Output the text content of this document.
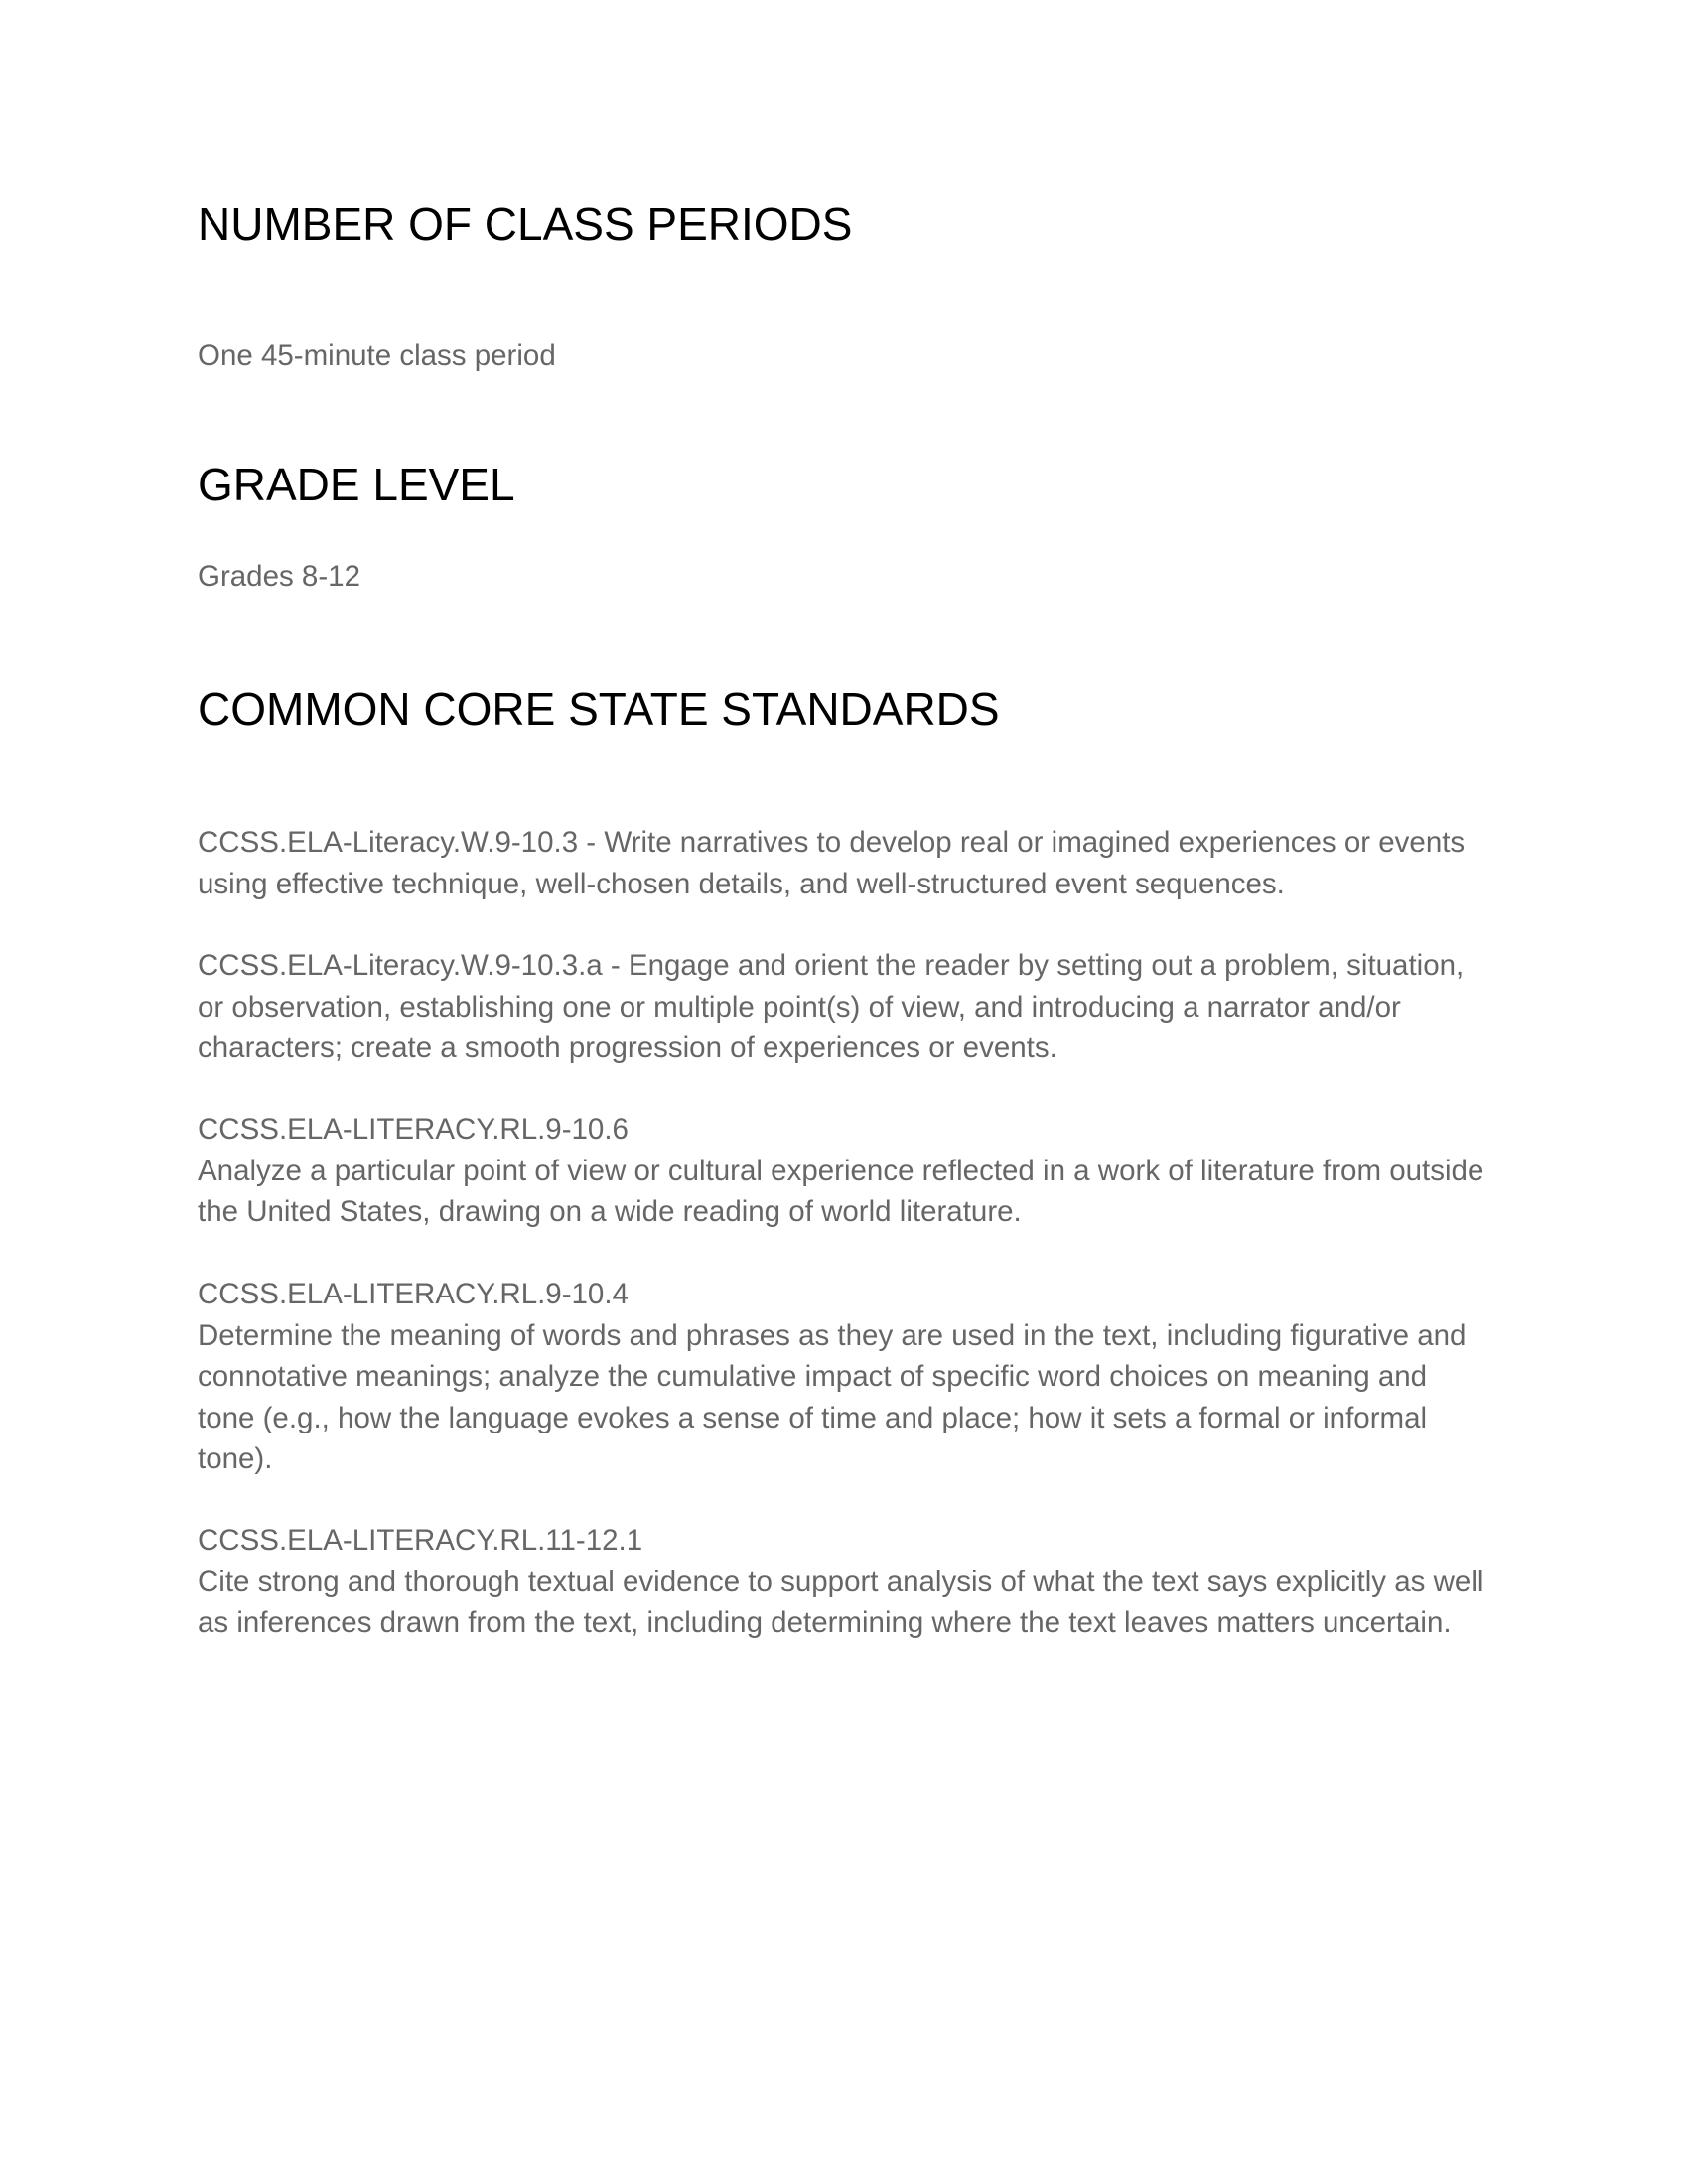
NUMBER OF CLASS PERIODS

One 45-minute class period

GRADE LEVEL

Grades 8-12

COMMON CORE STATE STANDARDS

CCSS.ELA-Literacy.W.9-10.3 - Write narratives to develop real or imagined experiences or events using effective technique, well-chosen details, and well-structured event sequences.

CCSS.ELA-Literacy.W.9-10.3.a - Engage and orient the reader by setting out a problem, situation, or observation, establishing one or multiple point(s) of view, and introducing a narrator and/or characters; create a smooth progression of experiences or events.

CCSS.ELA-LITERACY.RL.9-10.6

Analyze a particular point of view or cultural experience reflected in a work of literature from outside the United States, drawing on a wide reading of world literature.

CCSS.ELA-LITERACY.RL.9-10.4

Determine the meaning of words and phrases as they are used in the text, including figurative and connotative meanings; analyze the cumulative impact of specific word choices on meaning and tone (e.g., how the language evokes a sense of time and place; how it sets a formal or informal tone).

CCSS.ELA-LITERACY.RL.11-12.1

Cite strong and thorough textual evidence to support analysis of what the text says explicitly as well as inferences drawn from the text, including determining where the text leaves matters uncertain.
